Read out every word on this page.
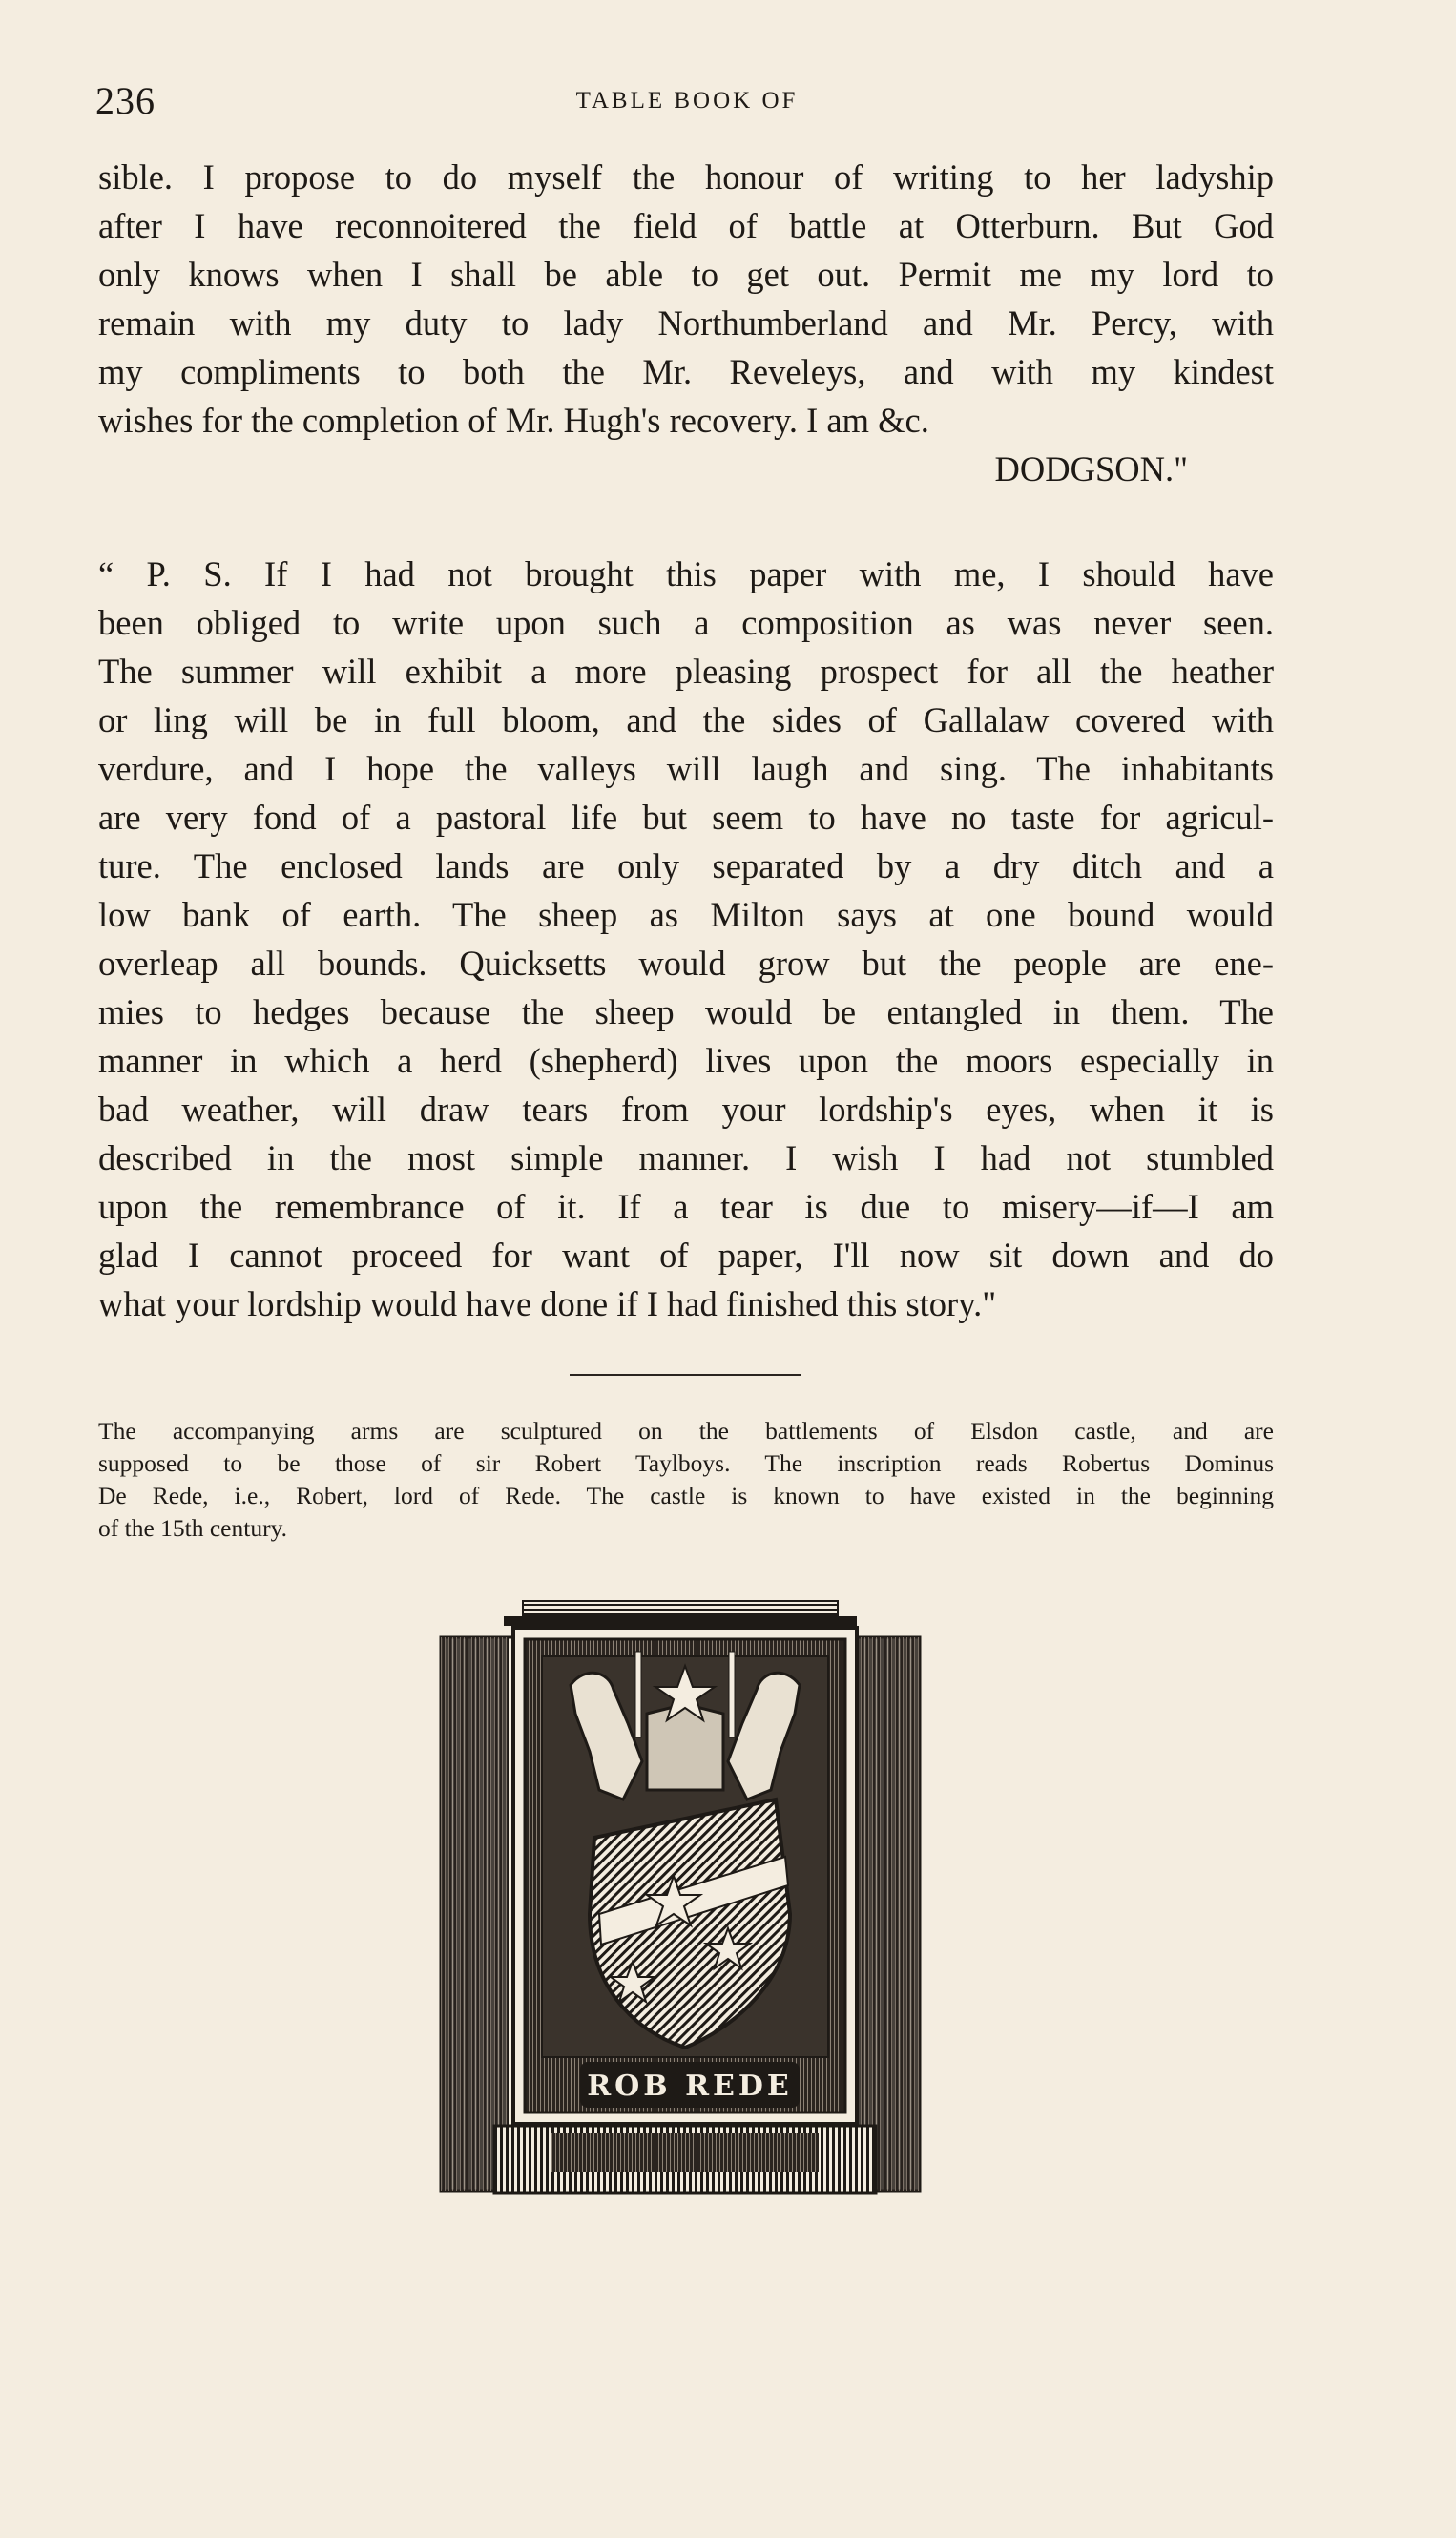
236	TABLE BOOK OF
sible. I propose to do myself the honour of writing to her ladyship
after I have reconnoitered the field of battle at Otterburn. But God
only knows when I shall be able to get out. Permit me my lord to
remain with my duty to lady Northumberland and Mr. Percy, with
my compliments to both the Mr. Reveleys, and with my kindest
wishes for the completion of Mr. Hugh's recovery. I am &c.
DODGSON."
“ P. S. If I had not brought this paper with me, I should have
been obliged to write upon such a composition as was never seen.
The summer will exhibit a more pleasing prospect for all the heather
or ling will be in full bloom, and the sides of Gallalaw covered with
verdure, and I hope the valleys will laugh and sing. The inhabitants
are very fond of a pastoral life but seem to have no taste for agricul-
ture. The enclosed lands are only separated by a dry ditch and a
low bank of earth. The sheep as Milton says at one bound would
overleap all bounds. Quicksetts would grow but the people are ene-
mies to hedges because the sheep would be entangled in them. The
manner in which a herd (shepherd) lives upon the moors especially in
bad weather, will draw tears from your lordship's eyes, when it is
described in the most simple manner. I wish I had not stumbled
upon the remembrance of it. If a tear is due to misery—if—I am
glad I cannot proceed for want of paper, I'll now sit down and do
what your lordship would have done if I had finished this story."
The accompanying arms are sculptured on the battlements of Elsdon castle, and are
supposed to be those of sir Robert Taylboys. The inscription reads Robertus Dominus
De Rede, i.e., Robert, lord of Rede. The castle is known to have existed in the beginning
of the 15th century.
ROB REDE
